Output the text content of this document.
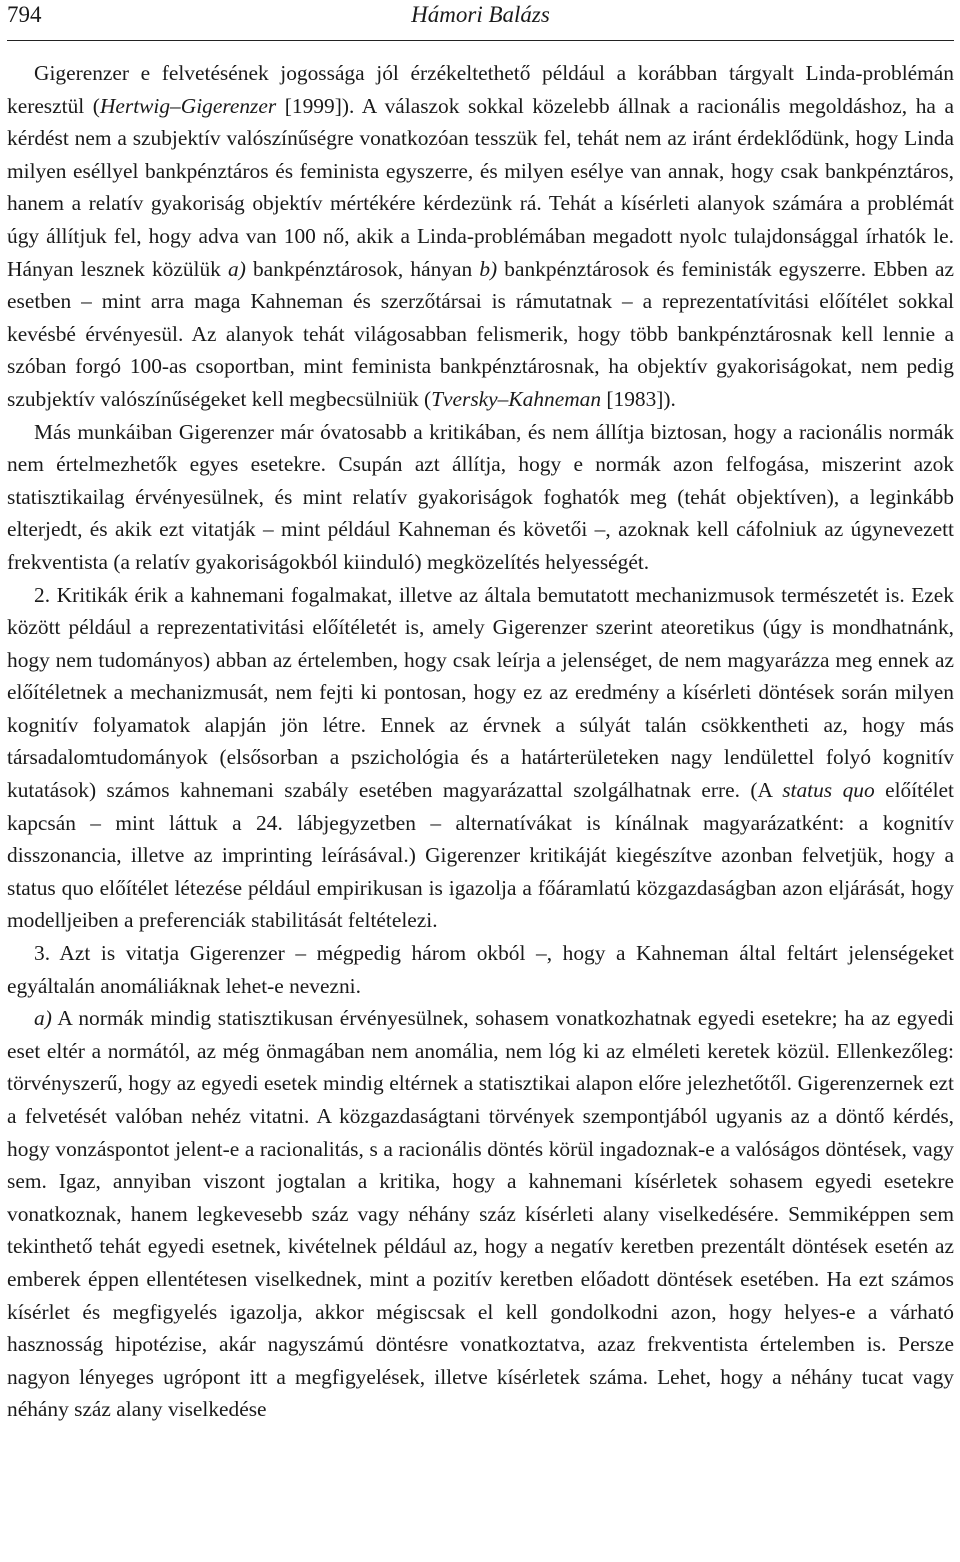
794	Hámori Balázs

Gigerenzer e felvetésének jogossága jól érzékeltethető például a korábban tárgyalt Linda-problémán keresztül (Hertwig–Gigerenzer [1999]). A válaszok sokkal közelebb állnak a racionális megoldáshoz, ha a kérdést nem a szubjektív valószínűségre vonatkozóan tesszük fel, tehát nem az iránt érdeklődünk, hogy Linda milyen eséllyel bankpénztáros és feminista egyszerre, és milyen esélye van annak, hogy csak bankpénztáros, hanem a relatív gyakoriság objektív mértékére kérdezünk rá. Tehát a kísérleti alanyok számára a problémát úgy állítjuk fel, hogy adva van 100 nő, akik a Linda-problémában megadott nyolc tulajdonsággal írhatók le. Hányan lesznek közülük a) bankpénztárosok, hányan b) bankpénztárosok és feministák egyszerre. Ebben az esetben – mint arra maga Kahneman és szerzőtársai is rámutatnak – a reprezentatívitási előítélet sokkal kevésbé érvényesül. Az alanyok tehát világosabban felismerik, hogy több bankpénztárosnak kell lennie a szóban forgó 100-as csoportban, mint feminista bankpénztárosnak, ha objektív gyakoriságokat, nem pedig szubjektív valószínűségeket kell megbecsülniük (Tversky–Kahneman [1983]).

Más munkáiban Gigerenzer már óvatosabb a kritikában, és nem állítja biztosan, hogy a racionális normák nem értelmezhetők egyes esetekre. Csupán azt állítja, hogy e normák azon felfogása, miszerint azok statisztikailag érvényesülnek, és mint relatív gyakoriságok foghatók meg (tehát objektíven), a leginkább elterjedt, és akik ezt vitatják – mint például Kahneman és követői –, azoknak kell cáfolniuk az úgynevezett frekventista (a relatív gyakoriságokból kiinduló) megközelítés helyességét.

2. Kritikák érik a kahnemani fogalmakat, illetve az általa bemutatott mechanizmusok természetét is. Ezek között például a reprezentativitási előítéletét is, amely Gigerenzer szerint ateoretikus (úgy is mondhatnánk, hogy nem tudományos) abban az értelemben, hogy csak leírja a jelenséget, de nem magyarázza meg ennek az előítéletnek a mechanizmusát, nem fejti ki pontosan, hogy ez az eredmény a kísérleti döntések során milyen kognitív folyamatok alapján jön létre. Ennek az érvnek a súlyát talán csökkentheti az, hogy más társadalomtudományok (elsősorban a pszichológia és a határterületeken nagy lendülettel folyó kognitív kutatások) számos kahnemani szabály esetében magyarázattal szolgálhatnak erre. (A status quo előítélet kapcsán – mint láttuk a 24. lábjegyzetben – alternatívákat is kínálnak magyarázatként: a kognitív disszonancia, illetve az imprinting leírásával.) Gigerenzer kritikáját kiegészítve azonban felvetjük, hogy a status quo előítélet létezése például empirikusan is igazolja a főáramlatú közgazdaságban azon eljárását, hogy modelljeiben a preferenciák stabilitását feltételezi.

3. Azt is vitatja Gigerenzer – mégpedig három okból –, hogy a Kahneman által feltárt jelenségeket egyáltalán anomáliáknak lehet-e nevezni.

a) A normák mindig statisztikusan érvényesülnek, sohasem vonatkozhatnak egyedi esetekre; ha az egyedi eset eltér a normától, az még önmagában nem anomália, nem lóg ki az elméleti keretek közül. Ellenkezőleg: törvényszerű, hogy az egyedi esetek mindig eltérnek a statisztikai alapon előre jelezhetőtől. Gigerenzernek ezt a felvetését valóban nehéz vitatni. A közgazdaságtani törvények szempontjából ugyanis az a döntő kérdés, hogy vonzáspontot jelent-e a racionalitás, s a racionális döntés körül ingadoznak-e a valóságos döntések, vagy sem. Igaz, annyiban viszont jogtalan a kritika, hogy a kahnemani kísérletek sohasem egyedi esetekre vonatkoznak, hanem legkevesebb száz vagy néhány száz kísérleti alany viselkedésére. Semmiképpen sem tekinthető tehát egyedi esetnek, kivételnek például az, hogy a negatív keretben prezentált döntések esetén az emberek éppen ellentétesen viselkednek, mint a pozitív keretben előadott döntések esetében. Ha ezt számos kísérlet és megfigyelés igazolja, akkor mégiscsak el kell gondolkodni azon, hogy helyes-e a várható hasznosság hipotézise, akár nagyszámú döntésre vonatkoztatva, azaz frekventista értelemben is. Persze nagyon lényeges ugrópont itt a megfigyelések, illetve kísérletek száma. Lehet, hogy a néhány tucat vagy néhány száz alany viselkedése
